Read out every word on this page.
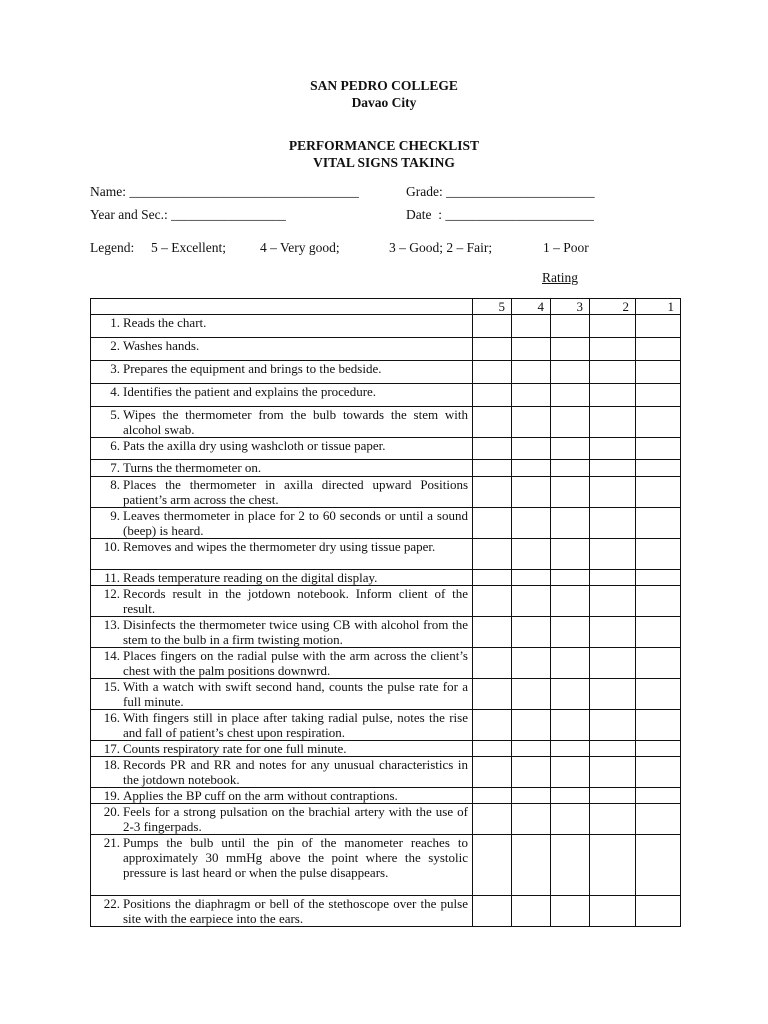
SAN PEDRO COLLEGE
Davao City
PERFORMANCE CHECKLIST
VITAL SIGNS TAKING
Name: __________________________________	Grade: ______________________
Year and Sec.: _________________	Date  : ______________________
Legend: 5 – Excellent;	4 – Very good;	3 – Good; 2 – Fair;	1 – Poor
Rating
	5	4	3	2	1

1. Reads the chart.					

2. Washes hands.					

3. Prepares the equipment and brings to the bedside.					

4. Identifies the patient and explains the procedure.					

5. Wipes the thermometer from the bulb towards the stem with alcohol swab.					

6. Pats the axilla dry using washcloth or tissue paper.					

7. Turns the thermometer on.					

8. Places the thermometer in axilla directed upward Positions patient’s arm across the chest.					

9. Leaves thermometer in place for 2 to 60 seconds or until a sound (beep) is heard.					

10. Removes and wipes the thermometer dry using tissue paper.					

11. Reads temperature reading on the digital display.					

12. Records result in the jotdown notebook. Inform client of the result.					

13. Disinfects the thermometer twice using CB with alcohol from the stem to the bulb in a firm twisting motion.					

14. Places fingers on the radial pulse with the arm across the client’s chest with the palm positions downwrd.					

15. With a watch with swift second hand, counts the pulse rate for a full minute.					

16. With fingers still in place after taking radial pulse, notes the rise and fall of patient’s chest upon respiration.					

17. Counts respiratory rate for one full minute.					

18. Records PR and RR and notes for any unusual characteristics in the jotdown notebook.					

19. Applies the BP cuff on the arm without contraptions.					

20. Feels for a strong pulsation on the brachial artery with the use of 2-3 fingerpads.					

21. Pumps the bulb until the pin of the manometer reaches to approximately 30 mmHg above the point where the systolic pressure is last heard or when the pulse disappears.					

22. Positions the diaphragm or bell of the stethoscope over the pulse site with the earpiece into the ears.					
